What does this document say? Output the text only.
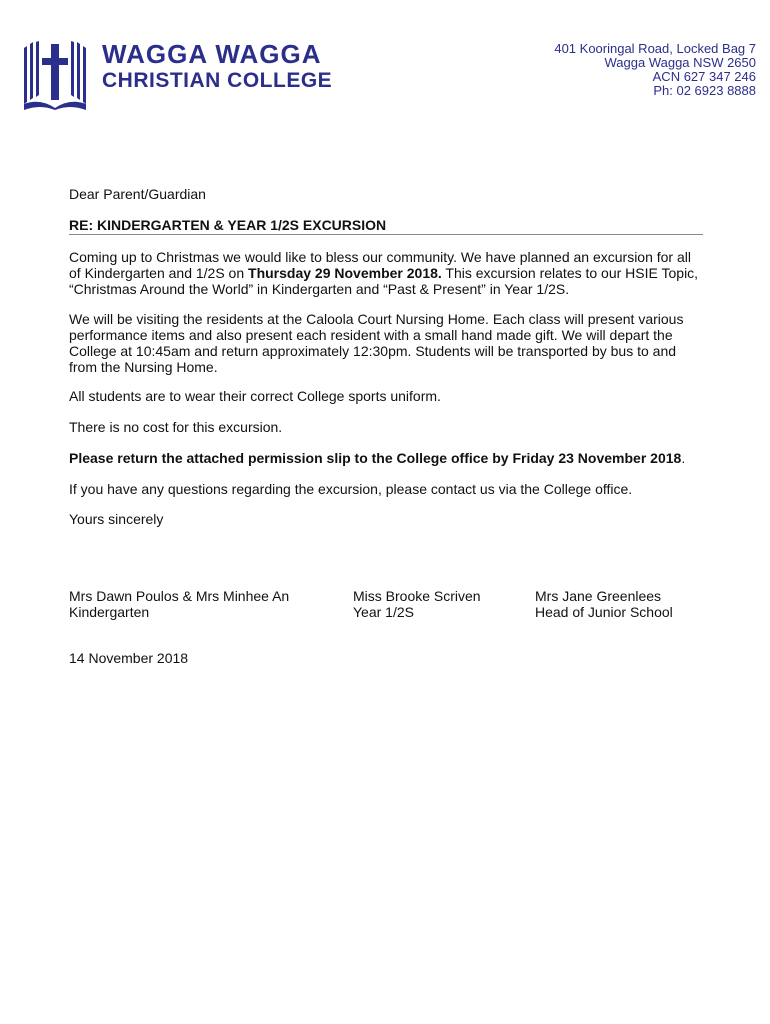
WAGGA WAGGA
CHRISTIAN COLLEGE
401 Kooringal Road, Locked Bag 7
Wagga Wagga NSW 2650
ACN 627 347 246
Ph: 02 6923 8888
Dear Parent/Guardian
RE: KINDERGARTEN & YEAR 1/2S EXCURSION
Coming up to Christmas we would like to bless our community. We have planned an excursion for all of Kindergarten and 1/2S on Thursday 29 November 2018. This excursion relates to our HSIE Topic, “Christmas Around the World” in Kindergarten and “Past & Present” in Year 1/2S.
We will be visiting the residents at the Caloola Court Nursing Home. Each class will present various performance items and also present each resident with a small hand made gift. We will depart the College at 10:45am and return approximately 12:30pm. Students will be transported by bus to and from the Nursing Home.
All students are to wear their correct College sports uniform.
There is no cost for this excursion.
Please return the attached permission slip to the College office by Friday 23 November 2018.
If you have any questions regarding the excursion, please contact us via the College office.
Yours sincerely
Mrs Dawn Poulos & Mrs Minhee An
Kindergarten
Miss Brooke Scriven
Year 1/2S
Mrs Jane Greenlees
Head of Junior School
14 November 2018
